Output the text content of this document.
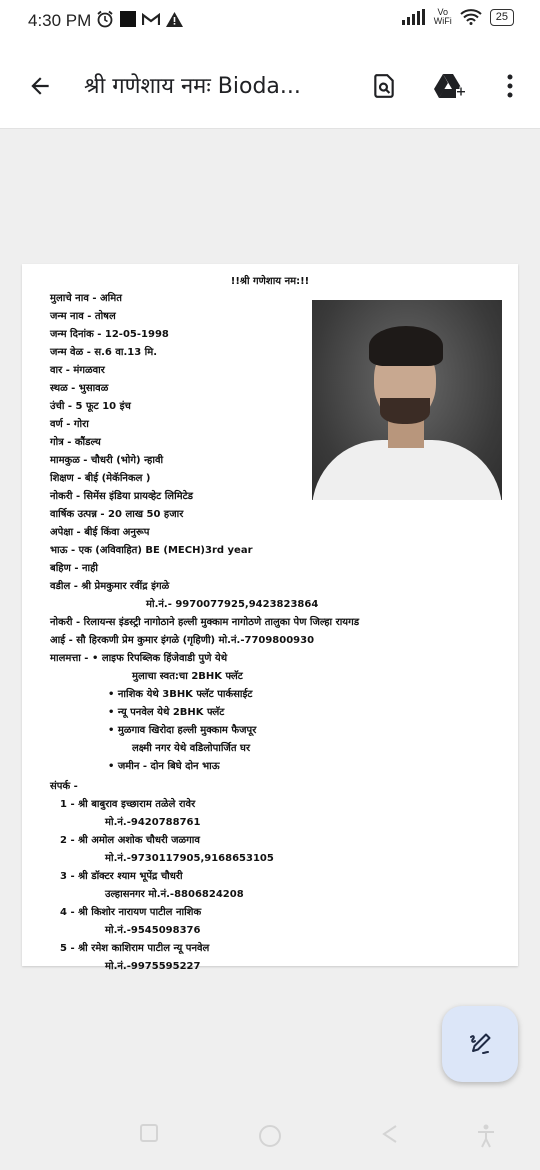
4:30 PM	Vo
WiFi	25
श्री गणेशाय नमः Bioda...
!!श्री गणेशाय नम:!!
मुलाचे नाव - अमित
जन्म नाव - तोषल
जन्म दिनांक - 12-05-1998
जन्म वेळ - स.6 वा.13 मि.
वार - मंगळवार
स्थळ - भुसावळ
उंची - 5 फूट 10 इंच
वर्ण - गोरा
गोत्र - कौंडल्य
मामकुळ - चौधरी (भोगे) न्हावी
शिक्षण - बीई (मेकॅनिकल )
नोकरी - सिमेंस इंडिया प्रायव्हेट लिमिटेड
वार्षिक उत्पन्न - 20 लाख 50 हजार
अपेक्षा - बीई किंवा अनुरूप
भाऊ - एक (अविवाहित) BE (MECH)3rd year
बहिण - नाही
वडील - श्री प्रेमकुमार रवींद्र इंगळे
मो.नं.- 9970077925,9423823864
नोकरी - रिलायन्स इंडस्ट्री नागोठाने हल्ली मुक्काम नागोठणे तालुका पेण जिल्हा रायगड
आई - सौ हिरकणी प्रेम कुमार इंगळे (गृहिणी) मो.नं.-7709800930
मालमत्ता - • लाइफ रिपब्लिक हिंजेवाडी पुणे येथे
मुलाचा स्वत:चा 2BHK फ्लॅट
• नाशिक येथे 3BHK फ्लॅट पार्कसाईट
• न्यू पनवेल येथे 2BHK फ्लॅट
• मुळगाव खिरोदा हल्ली मुक्काम फैजपूर
लक्ष्मी नगर येथे वडिलोपार्जित घर
• जमीन - दोन बिघे दोन भाऊ
संपर्क -
1 - श्री बाबुराव इच्छाराम तळेले रावेर
मो.नं.-9420788761
2 - श्री अमोल अशोक चौधरी जळगाव
मो.नं.-9730117905,9168653105
3 - श्री डॉक्टर श्याम भूपेंद्र चौधरी
उल्हासनगर मो.नं.-8806824208
4 - श्री किशोर नारायण पाटील नाशिक
मो.नं.-9545098376
5 - श्री रमेश काशिराम पाटील न्यू पनवेल
मो.नं.-9975595227
